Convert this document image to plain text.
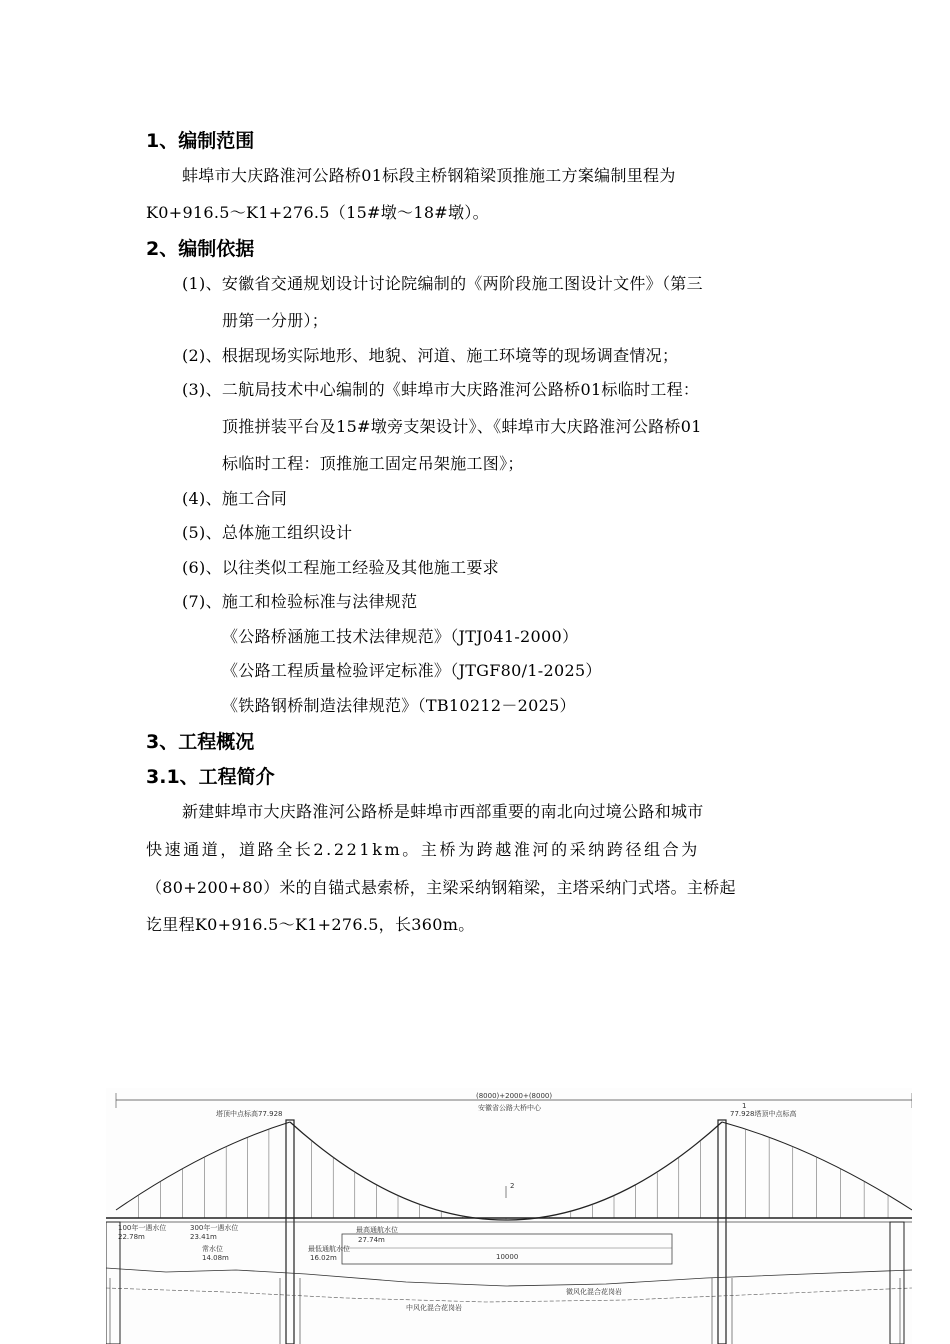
1、编制范围
蚌埠市大庆路淮河公路桥01标段主桥钢箱梁顶推施工方案编制里程为
K0+916.5～K1+276.5（15#墩～18#墩）。
2、编制依据
(1)、安徽省交通规划设计讨论院编制的《两阶段施工图设计文件》（第三
册第一分册）；
(2)、根据现场实际地形、地貌、河道、施工环境等的现场调查情况；
(3)、二航局技术中心编制的《蚌埠市大庆路淮河公路桥01标临时工程：
顶推拼装平台及15#墩旁支架设计》、《蚌埠市大庆路淮河公路桥01
标临时工程：顶推施工固定吊架施工图》；
(4)、施工合同
(5)、总体施工组织设计
(6)、以往类似工程施工经验及其他施工要求
(7)、施工和检验标准与法律规范
《公路桥涵施工技术法律规范》（JTJ041-2000）
《公路工程质量检验评定标准》（JTGF80/1-2025）
《铁路钢桥制造法律规范》（TB10212－2025）
3、工程概况
3.1、工程简介
新建蚌埠市大庆路淮河公路桥是蚌埠市西部重要的南北向过境公路和城市
快速通道，道路全长2.221km。主桥为跨越淮河的采纳跨径组合为
（80+200+80）米的自锚式悬索桥，主梁采纳钢箱梁，主塔采纳门式塔。主桥起
讫里程K0+916.5～K1+276.5，长360m。
(8000)+2000+(8000)
安徽省公路大桥中心
塔顶中点标高77.928	77.928塔顶中点标高
10000
最高通航水位
27.74m
100年一遇水位
22.78m
300年一遇水位
23.41m
常水位
14.08m
最低通航水位
16.02m
中风化混合花岗岩
微风化混合花岗岩
2
1
